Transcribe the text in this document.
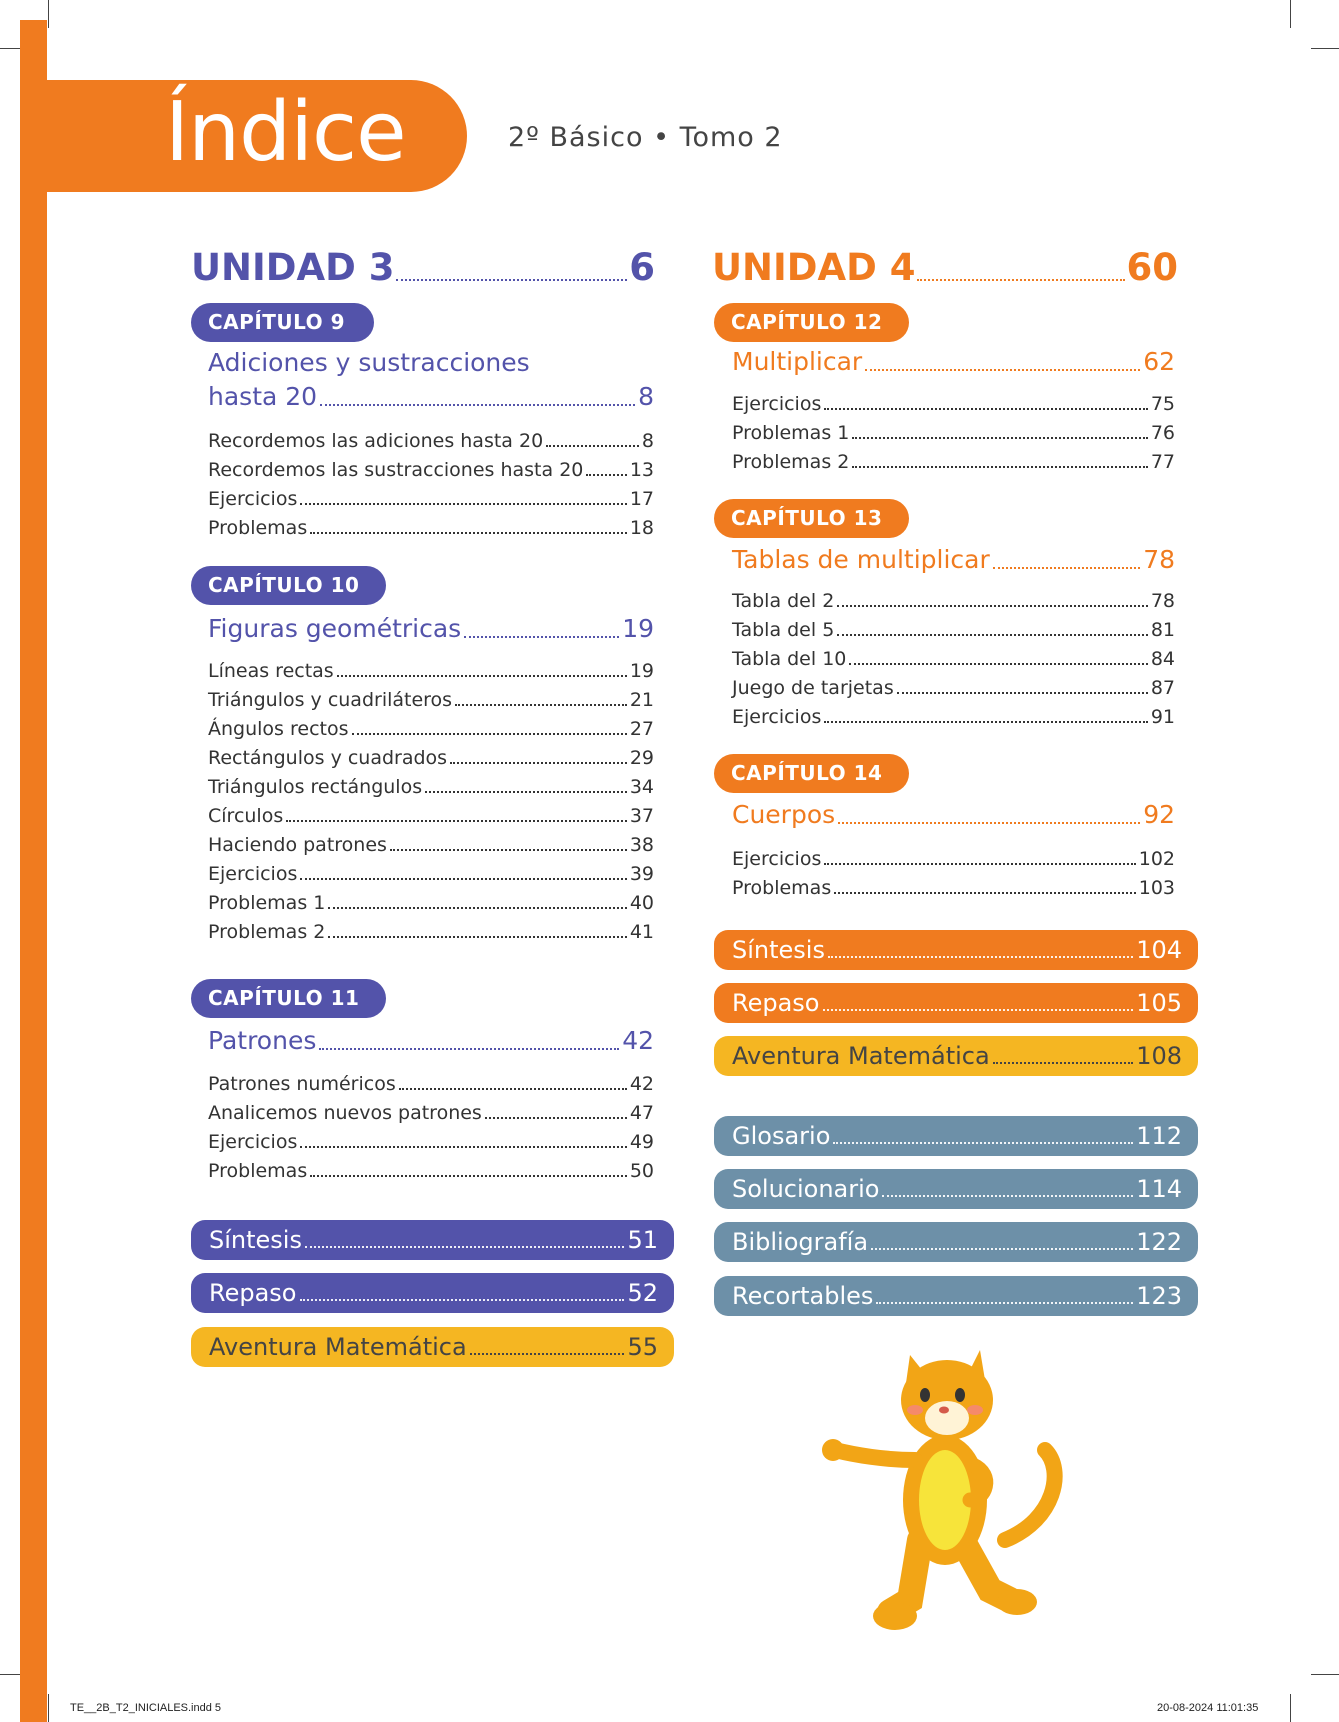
Índice	2º Básico • Tomo 2
UNIDAD 3	6
CAPÍTULO 9
Adiciones y sustracciones
hasta 20	8
Recordemos las adiciones hasta 20	8
Recordemos las sustracciones hasta 20 13
Ejercicios	17
Problemas	18
CAPÍTULO 10
Figuras geométricas	19
Líneas rectas	19
Triángulos y cuadriláteros	21
Ángulos rectos	27
Rectángulos y cuadrados	29
Triángulos rectángulos	34
Círculos	37
Haciendo patrones	38
Ejercicios	39
Problemas 1	40
Problemas 2	41
CAPÍTULO 11
Patrones	42
Patrones numéricos	42
Analicemos nuevos patrones	47
Ejercicios	49
Problemas	50
Síntesis	51
Repaso	52
Aventura Matemática	55
UNIDAD 4	60
CAPÍTULO 12
Multiplicar	62
Ejercicios	75
Problemas 1	76
Problemas 2	77
CAPÍTULO 13
Tablas de multiplicar	78
Tabla del 2	78
Tabla del 5	81
Tabla del 10	84
Juego de tarjetas	87
Ejercicios	91
CAPÍTULO 14
Cuerpos	92
Ejercicios	102
Problemas	103
Síntesis	104
Repaso	105
Aventura Matemática	108
Glosario	112
Solucionario	114
Bibliografía	122
Recortables	123
TE__2B_T2_INICIALES.indd 5	20-08-2024 11:01:35
